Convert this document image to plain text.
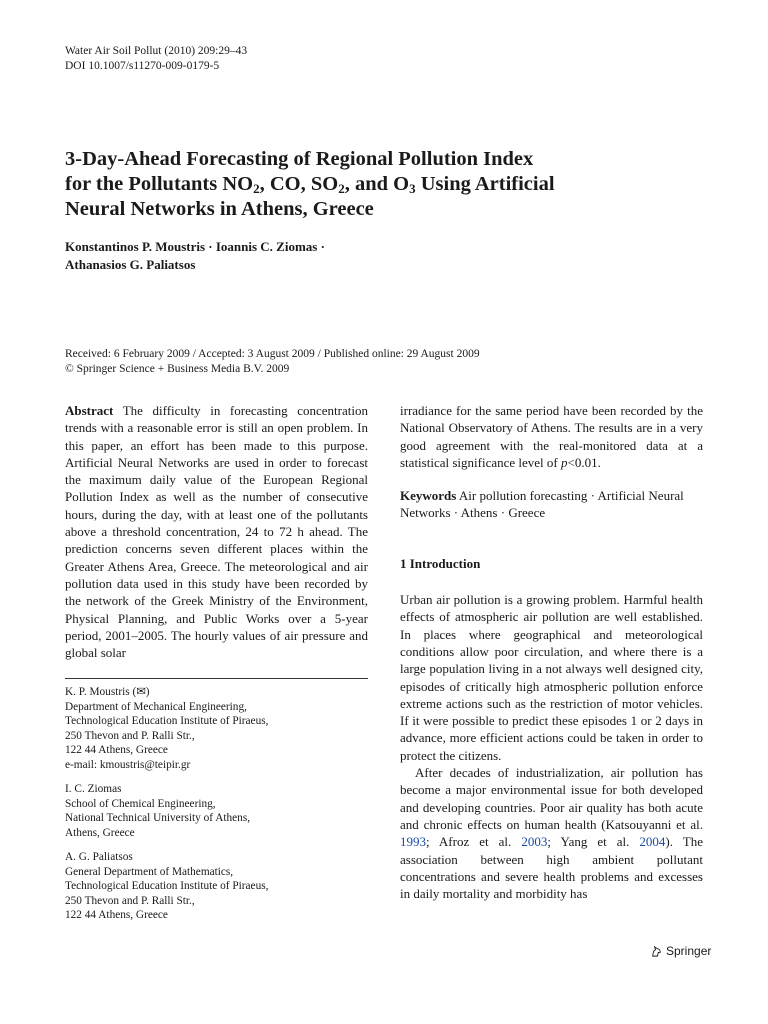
Water Air Soil Pollut (2010) 209:29–43
DOI 10.1007/s11270-009-0179-5
3-Day-Ahead Forecasting of Regional Pollution Index
for the Pollutants $NO_2$, CO, $SO_2$, and $O_3$ Using Artificial
Neural Networks in Athens, Greece
Konstantinos P. Moustris · Ioannis C. Ziomas ·
Athanasios G. Paliatsos
Received: 6 February 2009 / Accepted: 3 August 2009 / Published online: 29 August 2009
© Springer Science + Business Media B.V. 2009

Abstract The difficulty in forecasting concentration trends with a reasonable error is still an open problem. In this paper, an effort has been made to this purpose. Artificial Neural Networks are used in order to forecast the maximum daily value of the European Regional Pollution Index as well as the number of consecutive hours, during the day, with at least one of the pollutants above a threshold concentration, 24 to 72 h ahead. The prediction concerns seven different places within the Greater Athens Area, Greece. The meteorological and air pollution data used in this study have been recorded by the network of the Greek Ministry of the Environment, Physical Planning, and Public Works over a 5-year period, 2001–2005. The hourly values of air pressure and global solar

K. P. Moustris (✉)
Department of Mechanical Engineering,
Technological Education Institute of Piraeus,
250 Thevon and P. Ralli Str.,
122 44 Athens, Greece
e-mail: kmoustris@teipir.gr
I. C. Ziomas
School of Chemical Engineering,
National Technical University of Athens,
Athens, Greece
A. G. Paliatsos
General Department of Mathematics,
Technological Education Institute of Piraeus,
250 Thevon and P. Ralli Str.,
122 44 Athens, Greece

irradiance for the same period have been recorded by the National Observatory of Athens. The results are in a very good agreement with the real-monitored data at a statistical significance level of p<0.01.

Keywords Air pollution forecasting · Artificial Neural Networks · Athens · Greece

1 Introduction

Urban air pollution is a growing problem. Harmful health effects of atmospheric air pollution are well established. In places where geographical and meteorological conditions allow poor circulation, and where there is a large population living in a not always well designed city, episodes of critically high atmospheric pollution enforce extreme actions such as the restriction of motor vehicles. If it were possible to predict these episodes 1 or 2 days in advance, more efficient actions could be taken in order to protect the citizens.

After decades of industrialization, air pollution has become a major environmental issue for both developed and developing countries. Poor air quality has both acute and chronic effects on human health (Katsouyanni et al. 1993; Afroz et al. 2003; Yang et al. 2004). The association between high ambient pollutant concentrations and severe health problems and excesses in daily mortality and morbidity has

Springer
